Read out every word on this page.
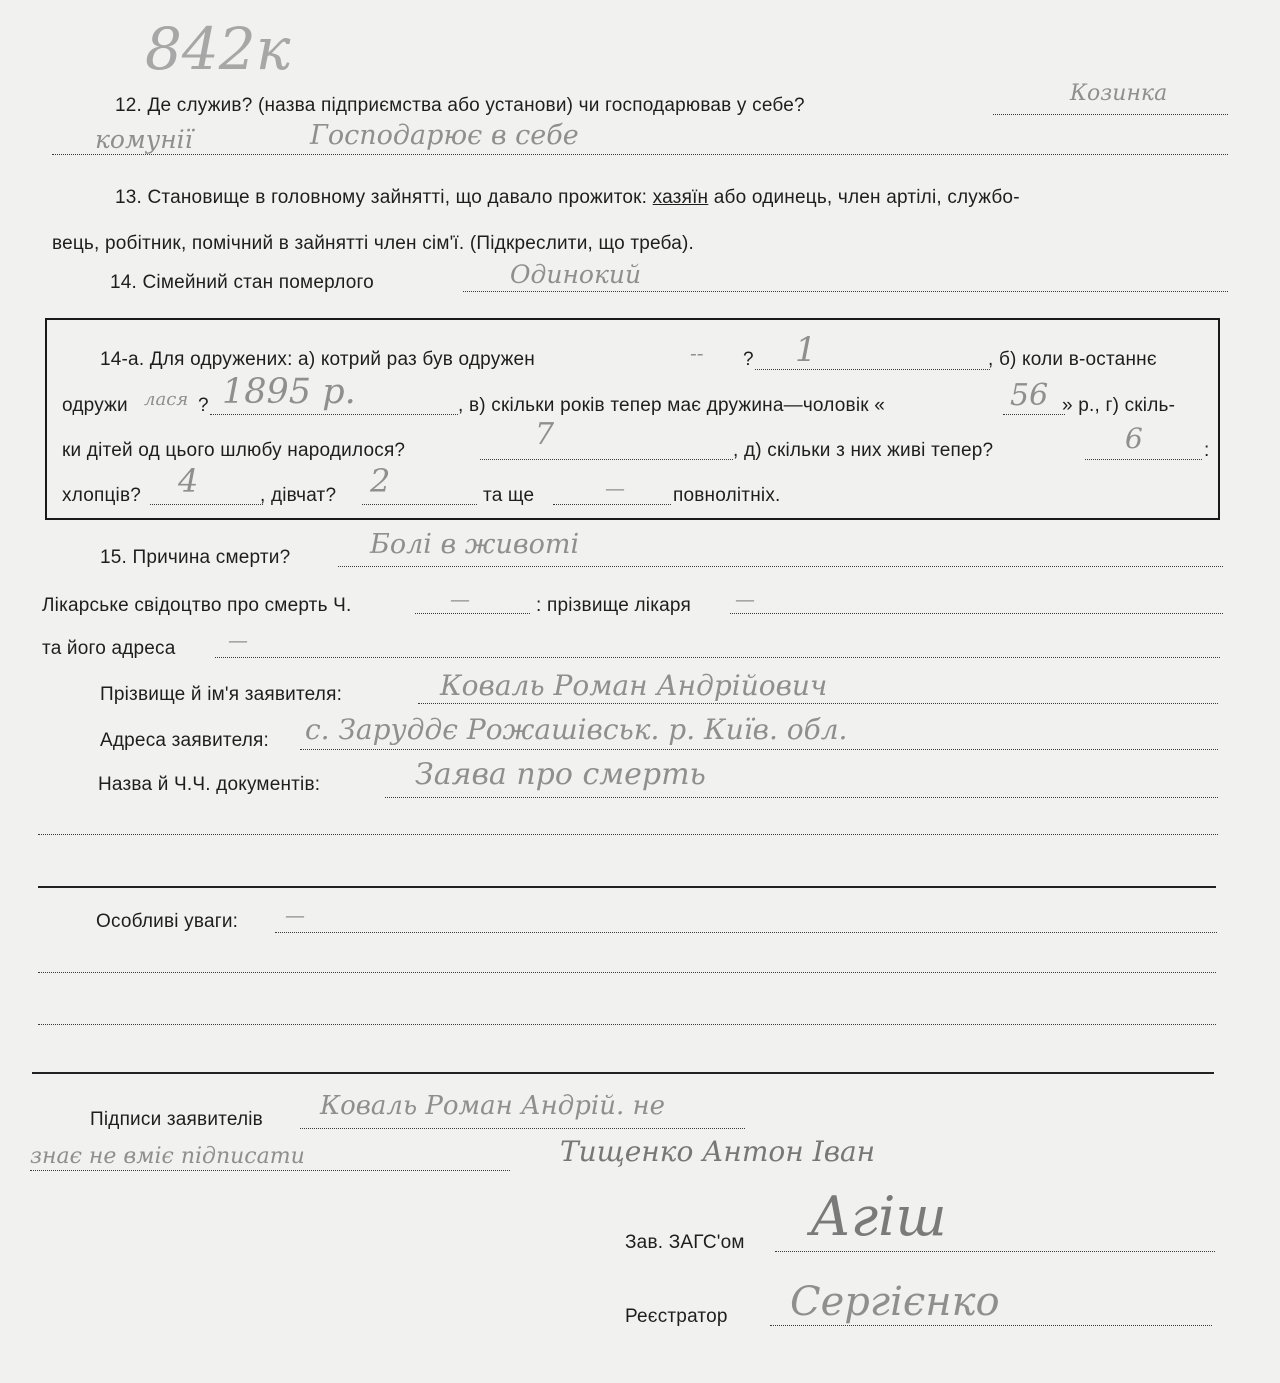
842к
12. Де служив? (назва підприємства або установи) чи господарював у себе?	Козинка
комунії	Господарює в себе
13. Становище в головному зайнятті, що давало прожиток: хазяїн або одинець, член артілі, службо-
вець, робітник, помічний в зайнятті член сім'ї. (Підкреслити, що треба).
14. Сімейний стан померлого	Одинокий
14-а. Для одружених: а) котрий раз був одружен	?
--	1	, б) коли в-останнє
одружи лася ? 1895 р.	, в) скільки років тепер має дружина—чоловік «	56 » р., г) скіль-
ки дітей од цього шлюбу народилося?	7	, д) скільки з них живі тепер?	6	:
хлопців? 4	, дівчат? 2	та ще	—	повнолітніх.
15. Причина смерти?	Болі в животі
Лікарське свідоцтво про смерть Ч.	—	: прізвище лікаря —
та його адреса	—
Прізвище й ім'я заявителя:	Коваль Роман Андрійович
Адреса заявителя: с. Заруддє Рожашівськ. р. Київ. обл.
Назва й Ч.Ч. документів:	Заява про смерть
Особливі уваги: —
Підписи заявителів Коваль Роман Андрій. не
знає не вміє підписати	Тищенко Антон Іван
Зав. ЗАГС'ом Агіш
Реєстратор Сергієнко
